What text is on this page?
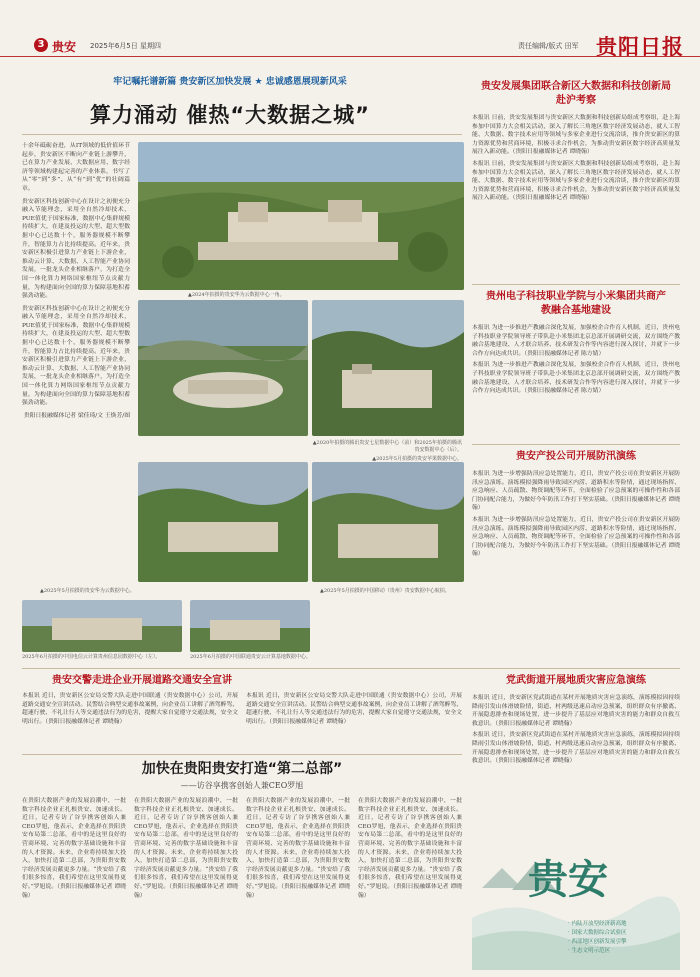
3 贵安 2025年6月5日 星期四	责任编辑/版式 田军 贵阳日报
牢记嘱托谱新篇 贵安新区加快发展 ★ 忠诚感恩展现新风采
算力涌动 催热“大数据之城”

十余年砥砺奋进，从IT领域的低价值环节起步，贵安新区不断向产业链上游攀升，已在算力产业发展、大数据应用、数字经济等领域构建起完善的产业体系，书写了从“零”到“多”、从“有”到“优”的壮阔篇章。

贵安新区科技创新中心在设计之初便充分融入节能理念，采用全自然冷却技术，PUE值优于国家标准，数据中心集群规模持续扩大，在建及投运的大型、超大型数据中心已达数十个，服务器规模不断攀升，智能算力占比持续提高。近年来，贵安新区积极引进算力产业链上下游企业，推动云计算、大数据、人工智能产业协同发展，一批龙头企业相继落户，为打造全国一体化算力网络国家枢纽节点贡献力量，为构建面向全国的算力保障基地积蓄强劲动能。

贵安新区科技创新中心在设计之初便充分融入节能理念，采用全自然冷却技术，PUE值优于国家标准，数据中心集群规模持续扩大，在建及投运的大型、超大型数据中心已达数十个，服务器规模不断攀升，智能算力占比持续提高。近年来，贵安新区积极引进算力产业链上下游企业，推动云计算、大数据、人工智能产业协同发展，一批龙头企业相继落户，为打造全国一体化算力网络国家枢纽节点贡献力量，为构建面向全国的算力保障基地积蓄强劲动能。

贵阳日报融媒体记者 梁佳琦/文 王焕芳/图

▲2024年拍摄的贵安华为云数据中心一角。
▲2020年拍摄的腾讯贵安七星数据中心（前）和2025年拍摄的腾讯贵安数据中心（后）。
▲2025年5月拍摄的贵安苹果数据中心。
▲2025年5月拍摄的贵安华为云数据中心。	▲2025年5月拍摄的中国移动（贵州）贵安数据中心航拍。
2025年6月拍摄的中国电信云计算贵州信息园数据中心（左）。	2025年6月拍摄的中国联通贵安云计算基地数据中心。
贵安发展集团联合新区大数据和科技创新局赴沪考察

本报讯 日前，贵安发展集团与贵安新区大数据和科技创新局组成考察组，赴上海参加中国算力大会相关活动，深入了解长三角地区数字经济发展动态，就人工智能、大数据、数字技术应用等领域与多家企业进行交流洽谈，推介贵安新区的算力资源优势和营商环境，积极寻求合作机会，为推动贵安新区数字经济高质量发展注入新动能。（贵阳日报融媒体记者 谭晓翰）

本报讯 日前，贵安发展集团与贵安新区大数据和科技创新局组成考察组，赴上海参加中国算力大会相关活动，深入了解长三角地区数字经济发展动态，就人工智能、大数据、数字技术应用等领域与多家企业进行交流洽谈，推介贵安新区的算力资源优势和营商环境，积极寻求合作机会，为推动贵安新区数字经济高质量发展注入新动能。（贵阳日报融媒体记者 谭晓翰）

贵州电子科技职业学院与小米集团共商产教融合基地建设

本报讯 为进一步推进产教融合深化发展，加强校企合作育人机制，近日，贵州电子科技职业学院领导班子带队赴小米集团北京总部开展调研交流，双方围绕产教融合基地建设、人才联合培养、技术研发合作等内容进行深入探讨，并就下一步合作方向达成共识。（贵阳日报融媒体记者 陈方婧）

本报讯 为进一步推进产教融合深化发展，加强校企合作育人机制，近日，贵州电子科技职业学院领导班子带队赴小米集团北京总部开展调研交流，双方围绕产教融合基地建设、人才联合培养、技术研发合作等内容进行深入探讨，并就下一步合作方向达成共识。（贵阳日报融媒体记者 陈方婧）

贵安产投公司开展防汛演练

本报讯 为进一步增强防汛应急处置能力，近日，贵安产投公司在贵安新区开展防汛应急演练。演练模拟强降雨导致园区内涝、道路积水等险情，通过现场指挥、应急响应、人员疏散、物资调配等环节，全面检验了应急预案的可操作性和各部门协同配合能力，为做好今年防汛工作打下坚实基础。（贵阳日报融媒体记者 谭晓翰）

本报讯 为进一步增强防汛应急处置能力，近日，贵安产投公司在贵安新区开展防汛应急演练。演练模拟强降雨导致园区内涝、道路积水等险情，通过现场指挥、应急响应、人员疏散、物资调配等环节，全面检验了应急预案的可操作性和各部门协同配合能力，为做好今年防汛工作打下坚实基础。（贵阳日报融媒体记者 谭晓翰）

贵安交警走进企业开展道路交通安全宣讲

本报讯 近日，贵安新区公安局交警大队走进中国联通（贵安数据中心）公司，开展道路交通安全宣讲活动。民警结合典型交通事故案例，向企业员工讲解了酒驾醉驾、超速行驶、不礼让行人等交通违法行为的危害，提醒大家自觉遵守交通法规，安全文明出行。（贵阳日报融媒体记者 谭晓翰）

本报讯 近日，贵安新区公安局交警大队走进中国联通（贵安数据中心）公司，开展道路交通安全宣讲活动。民警结合典型交通事故案例，向企业员工讲解了酒驾醉驾、超速行驶、不礼让行人等交通违法行为的危害，提醒大家自觉遵守交通法规，安全文明出行。（贵阳日报融媒体记者 谭晓翰）

加快在贵阳贵安打造“第二总部”
——访谷享携客创始人兼CEO罗旭

在贵阳大数据产业的发展浪潮中，一批数字科技企业正扎根贵安、加速成长。近日，记者专访了谷享携客创始人兼CEO罗旭，他表示，企业选择在贵阳贵安布局第二总部，看中的是这里良好的营商环境、完善的数字基础设施和丰富的人才资源。未来，企业将持续加大投入，加快打造第二总部，为贵阳贵安数字经济发展贡献更多力量。“贵安给了我们很多惊喜，我们希望在这里发展得更好。”罗旭说。（贵阳日报融媒体记者 谭晓翰）

在贵阳大数据产业的发展浪潮中，一批数字科技企业正扎根贵安、加速成长。近日，记者专访了谷享携客创始人兼CEO罗旭，他表示，企业选择在贵阳贵安布局第二总部，看中的是这里良好的营商环境、完善的数字基础设施和丰富的人才资源。未来，企业将持续加大投入，加快打造第二总部，为贵阳贵安数字经济发展贡献更多力量。“贵安给了我们很多惊喜，我们希望在这里发展得更好。”罗旭说。（贵阳日报融媒体记者 谭晓翰）

在贵阳大数据产业的发展浪潮中，一批数字科技企业正扎根贵安、加速成长。近日，记者专访了谷享携客创始人兼CEO罗旭，他表示，企业选择在贵阳贵安布局第二总部，看中的是这里良好的营商环境、完善的数字基础设施和丰富的人才资源。未来，企业将持续加大投入，加快打造第二总部，为贵阳贵安数字经济发展贡献更多力量。“贵安给了我们很多惊喜，我们希望在这里发展得更好。”罗旭说。（贵阳日报融媒体记者 谭晓翰）

在贵阳大数据产业的发展浪潮中，一批数字科技企业正扎根贵安、加速成长。近日，记者专访了谷享携客创始人兼CEO罗旭，他表示，企业选择在贵阳贵安布局第二总部，看中的是这里良好的营商环境、完善的数字基础设施和丰富的人才资源。未来，企业将持续加大投入，加快打造第二总部，为贵阳贵安数字经济发展贡献更多力量。“贵安给了我们很多惊喜，我们希望在这里发展得更好。”罗旭说。（贵阳日报融媒体记者 谭晓翰）

党武街道开展地质灾害应急演练

本报讯 近日，贵安新区党武街道在某村开展地质灾害应急演练，演练模拟因持续降雨引发山体滑坡险情，街道、村两级迅速启动应急预案，组织群众有序撤离、开展隐患排查和现场处置，进一步提升了基层应对地质灾害的能力和群众自救互救意识。（贵阳日报融媒体记者 谭晓翰）

本报讯 近日，贵安新区党武街道在某村开展地质灾害应急演练，演练模拟因持续降雨引发山体滑坡险情，街道、村两级迅速启动应急预案，组织群众有序撤离、开展隐患排查和现场处置，进一步提升了基层应对地质灾害的能力和群众自救互救意识。（贵阳日报融媒体记者 谭晓翰）

贵安
· 内陆开放型经济新高地
· 国家大数据综合试验区
· 西部地区创新发展引擎
· 生态文明示范区
